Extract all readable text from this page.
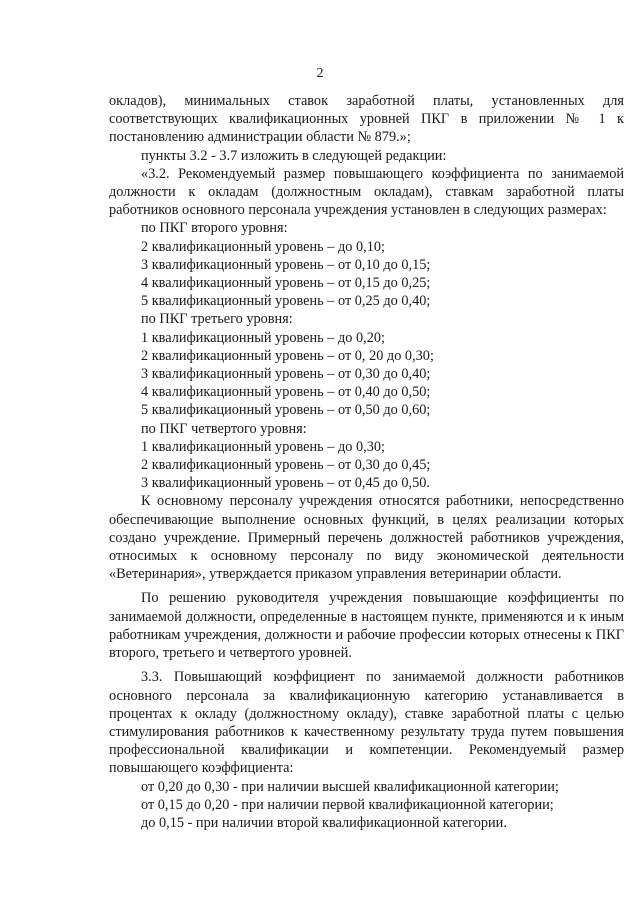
2

окладов), минимальных ставок заработной платы, установленных для соответствующих квалификационных уровней ПКГ в приложении № 1 к постановлению администрации области № 879.»;

пункты 3.2 - 3.7 изложить в следующей редакции:

«3.2. Рекомендуемый размер повышающего коэффициента по занимаемой должности к окладам (должностным окладам), ставкам заработной платы работников основного персонала учреждения установлен в следующих размерах:

по ПКГ второго уровня:
2 квалификационный уровень – до 0,10;
3 квалификационный уровень – от 0,10 до 0,15;
4 квалификационный уровень – от 0,15 до 0,25;
5 квалификационный уровень – от 0,25 до 0,40;
по ПКГ третьего уровня:
1 квалификационный уровень – до 0,20;
2 квалификационный уровень – от 0, 20 до 0,30;
3 квалификационный уровень – от 0,30 до 0,40;
4 квалификационный уровень – от 0,40 до 0,50;
5 квалификационный уровень – от 0,50 до 0,60;
по ПКГ четвертого уровня:
1 квалификационный уровень – до 0,30;
2 квалификационный уровень – от 0,30 до 0,45;
3 квалификационный уровень – от 0,45 до 0,50.

К основному персоналу учреждения относятся работники, непосредственно обеспечивающие выполнение основных функций, в целях реализации которых создано учреждение. Примерный перечень должностей работников учреждения, относимых к основному персоналу по виду экономической деятельности «Ветеринария», утверждается приказом управления ветеринарии области.

По решению руководителя учреждения повышающие коэффициенты по занимаемой должности, определенные в настоящем пункте, применяются и к иным работникам учреждения, должности и рабочие профессии которых отнесены к ПКГ второго, третьего и четвертого уровней.

3.3. Повышающий коэффициент по занимаемой должности работников основного персонала за квалификационную категорию устанавливается в процентах к окладу (должностному окладу), ставке заработной платы с целью стимулирования работников к качественному результату труда путем повышения профессиональной квалификации и компетенции. Рекомендуемый размер повышающего коэффициента:

от 0,20 до 0,30 - при наличии высшей квалификационной категории;
от 0,15 до 0,20 - при наличии первой квалификационной категории;
до 0,15 - при наличии второй квалификационной категории.
